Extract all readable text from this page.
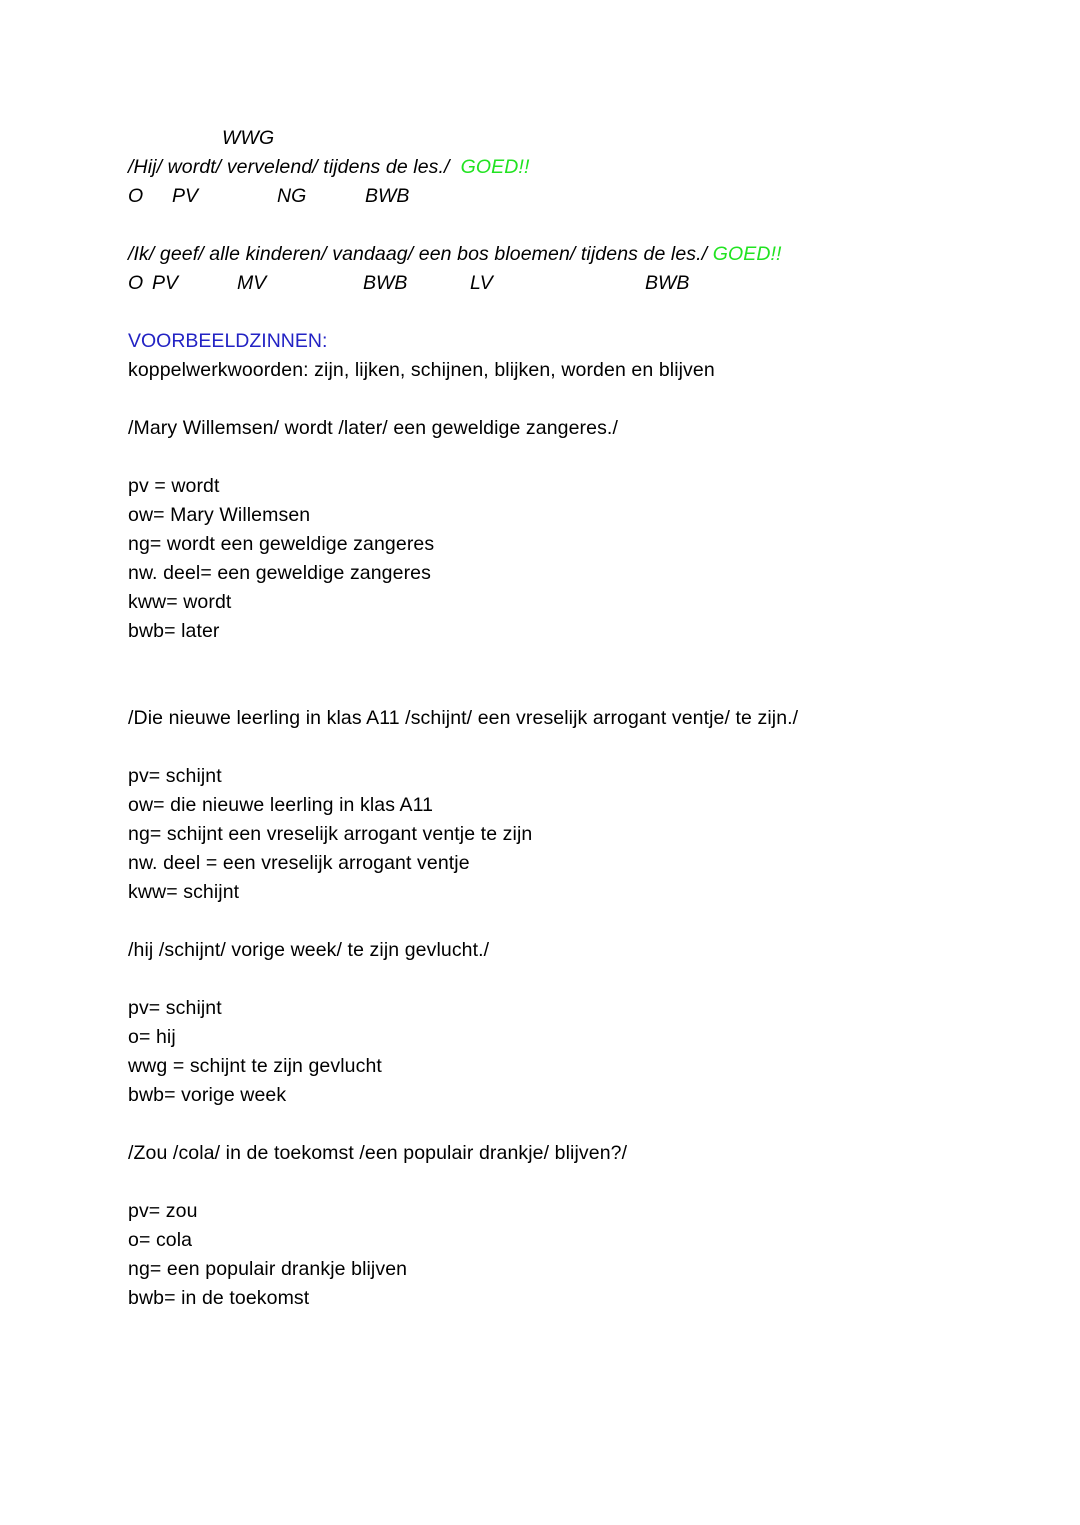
WWG
/Hij/ wordt/ vervelend/ tijdens de les./ GOED!!
O PV	NG	BWB

/Ik/ geef/ alle kinderen/ vandaag/ een bos bloemen/ tijdens de les./ GOED!!
O PV	MV	BWB	LV	BWB

VOORBEELDZINNEN:
koppelwerkwoorden: zijn, lijken, schijnen, blijken, worden en blijven

/Mary Willemsen/ wordt /later/ een geweldige zangeres./

pv = wordt
ow= Mary Willemsen
ng= wordt een geweldige zangeres
nw. deel= een geweldige zangeres
kww= wordt
bwb= later

/Die nieuwe leerling in klas A11 /schijnt/ een vreselijk arrogant ventje/ te zijn./

pv= schijnt
ow= die nieuwe leerling in klas A11
ng= schijnt een vreselijk arrogant ventje te zijn
nw. deel = een vreselijk arrogant ventje
kww= schijnt

/hij /schijnt/ vorige week/ te zijn gevlucht./

pv= schijnt
o= hij
wwg = schijnt te zijn gevlucht
bwb= vorige week

/Zou /cola/ in de toekomst /een populair drankje/ blijven?/

pv= zou
o= cola
ng= een populair drankje blijven
bwb= in de toekomst
